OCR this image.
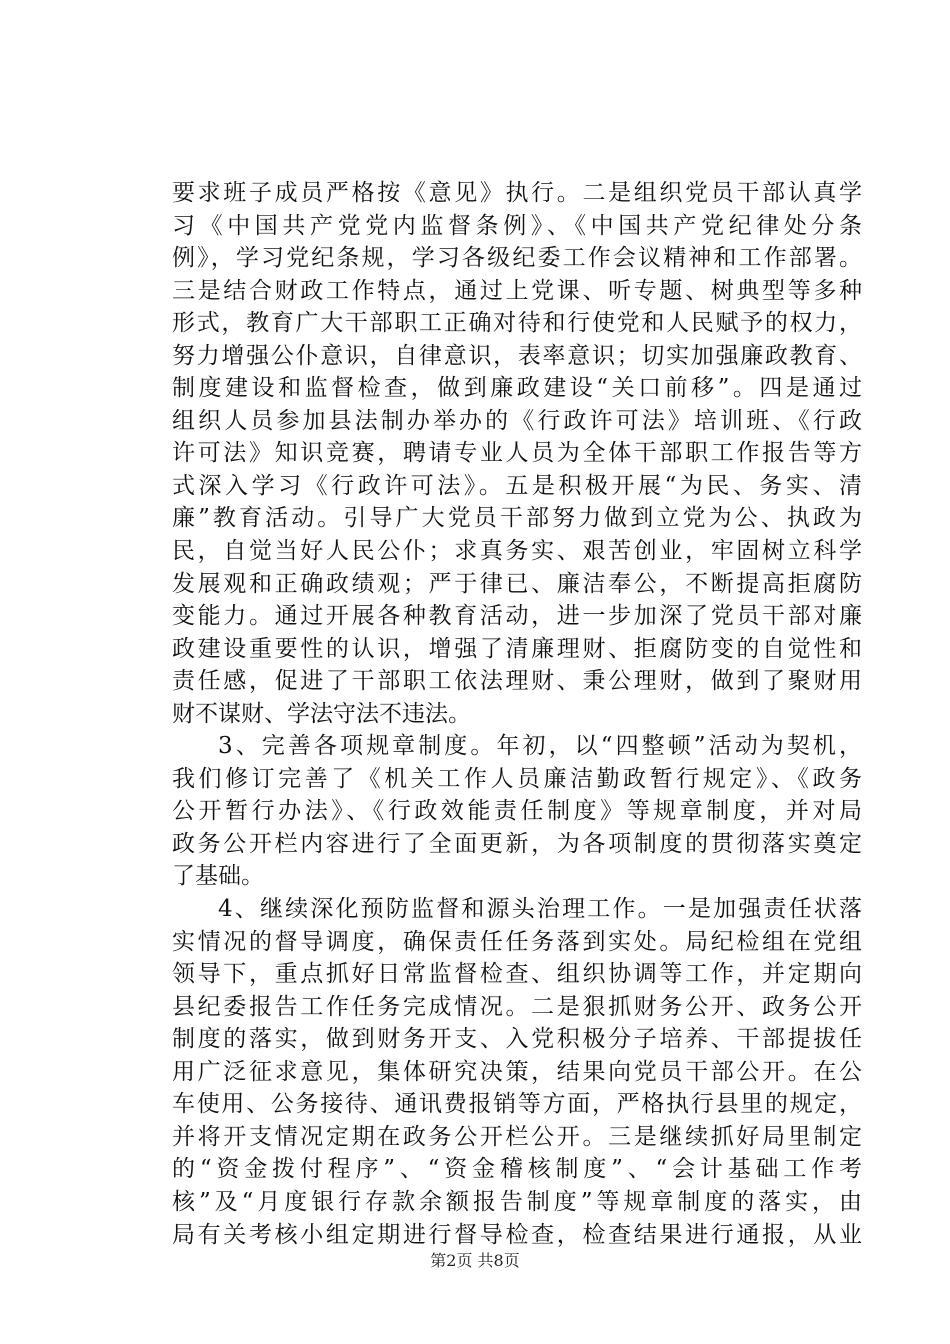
要求班子成员严格按《意见》执行。二是组织党员干部认真学
习《中国共产党党内监督条例》、《中国共产党纪律处分条
例》，学习党纪条规，学习各级纪委工作会议精神和工作部署。
三是结合财政工作特点，通过上党课、听专题、树典型等多种
形式，教育广大干部职工正确对待和行使党和人民赋予的权力，
努力增强公仆意识，自律意识，表率意识；切实加强廉政教育、
制度建设和监督检查，做到廉政建设“关口前移”。四是通过
组织人员参加县法制办举办的《行政许可法》培训班、《行政
许可法》知识竞赛，聘请专业人员为全体干部职工作报告等方
式深入学习《行政许可法》。五是积极开展“为民、务实、清
廉”教育活动。引导广大党员干部努力做到立党为公、执政为
民，自觉当好人民公仆；求真务实、艰苦创业，牢固树立科学
发展观和正确政绩观；严于律已、廉洁奉公，不断提高拒腐防
变能力。通过开展各种教育活动，进一步加深了党员干部对廉
政建设重要性的认识，增强了清廉理财、拒腐防变的自觉性和
责任感，促进了干部职工依法理财、秉公理财，做到了聚财用
财不谋财、学法守法不违法。
3、完善各项规章制度。年初，以“四整顿”活动为契机，
我们修订完善了《机关工作人员廉洁勤政暂行规定》、《政务
公开暂行办法》、《行政效能责任制度》等规章制度，并对局
政务公开栏内容进行了全面更新，为各项制度的贯彻落实奠定
了基础。
4、继续深化预防监督和源头治理工作。一是加强责任状落
实情况的督导调度，确保责任任务落到实处。局纪检组在党组
领导下，重点抓好日常监督检查、组织协调等工作，并定期向
县纪委报告工作任务完成情况。二是狠抓财务公开、政务公开
制度的落实，做到财务开支、入党积极分子培养、干部提拔任
用广泛征求意见，集体研究决策，结果向党员干部公开。在公
车使用、公务接待、通讯费报销等方面，严格执行县里的规定，
并将开支情况定期在政务公开栏公开。三是继续抓好局里制定
的“资金拨付程序”、“资金稽核制度”、“会计基础工作考
核”及“月度银行存款余额报告制度”等规章制度的落实，由
局有关考核小组定期进行督导检查，检查结果进行通报，从业
第2页 共8页
